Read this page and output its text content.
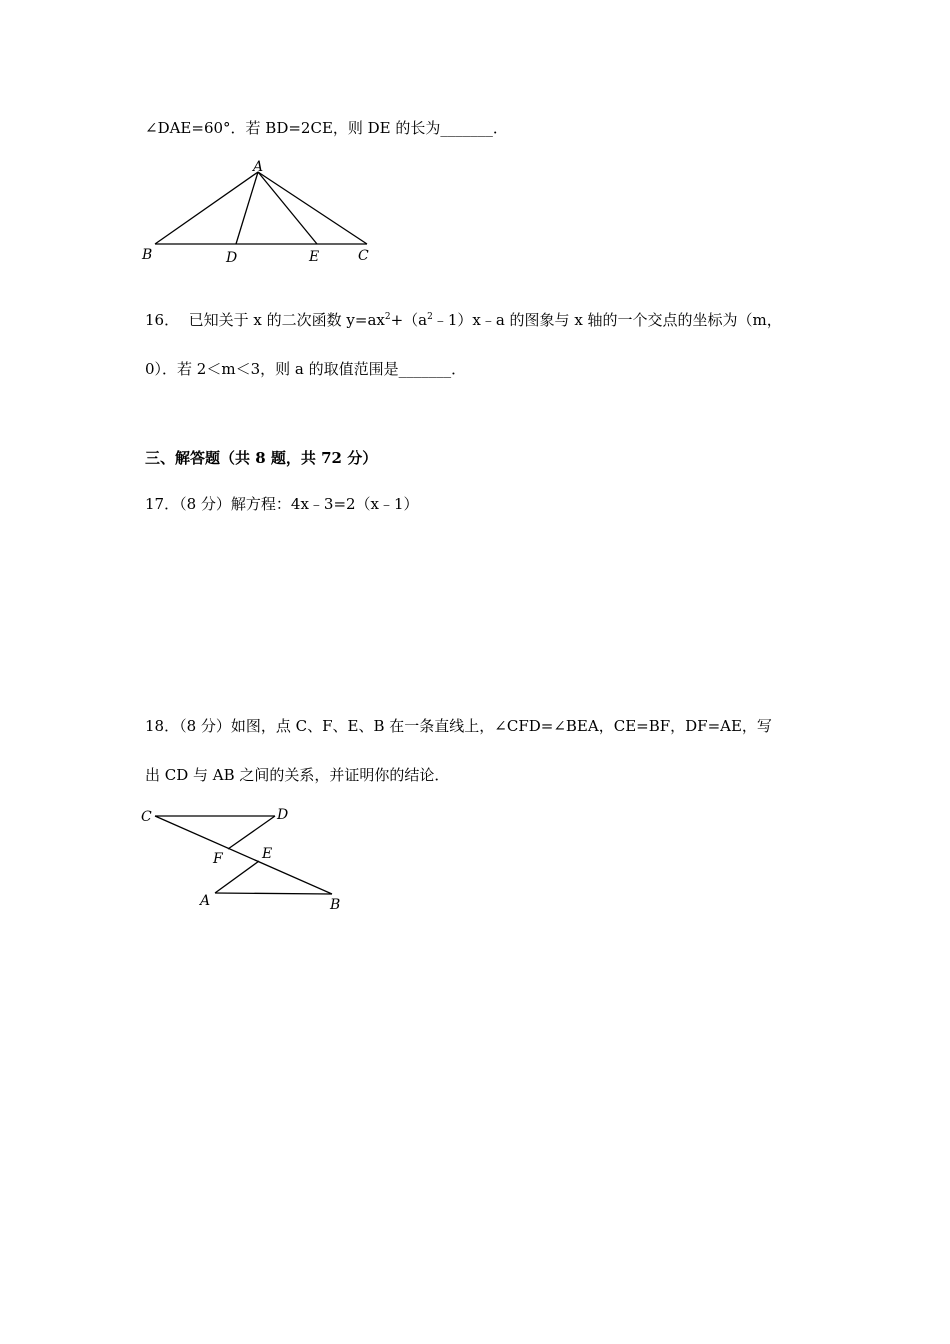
∠DAE=60°．若 BD=2CE，则 DE 的长为_______．
A
B	D	E	C
16． 已知关于 x 的二次函数 $y=ax^2+(a^2﹣1)x﹣a$ 的图象与 x 轴的一个交点的坐标为（m，
0）．若 2＜m＜3，则 a 的取值范围是_______．
三、解答题（共 8 题，共 72 分）
17．（8 分）解方程：4x﹣3=2（x﹣1）
18．（8 分）如图，点 C、F、E、B 在一条直线上，∠CFD=∠BEA，CE=BF，DF=AE，写
出 CD 与 AB 之间的关系，并证明你的结论．
C	D
F	E
A	B
